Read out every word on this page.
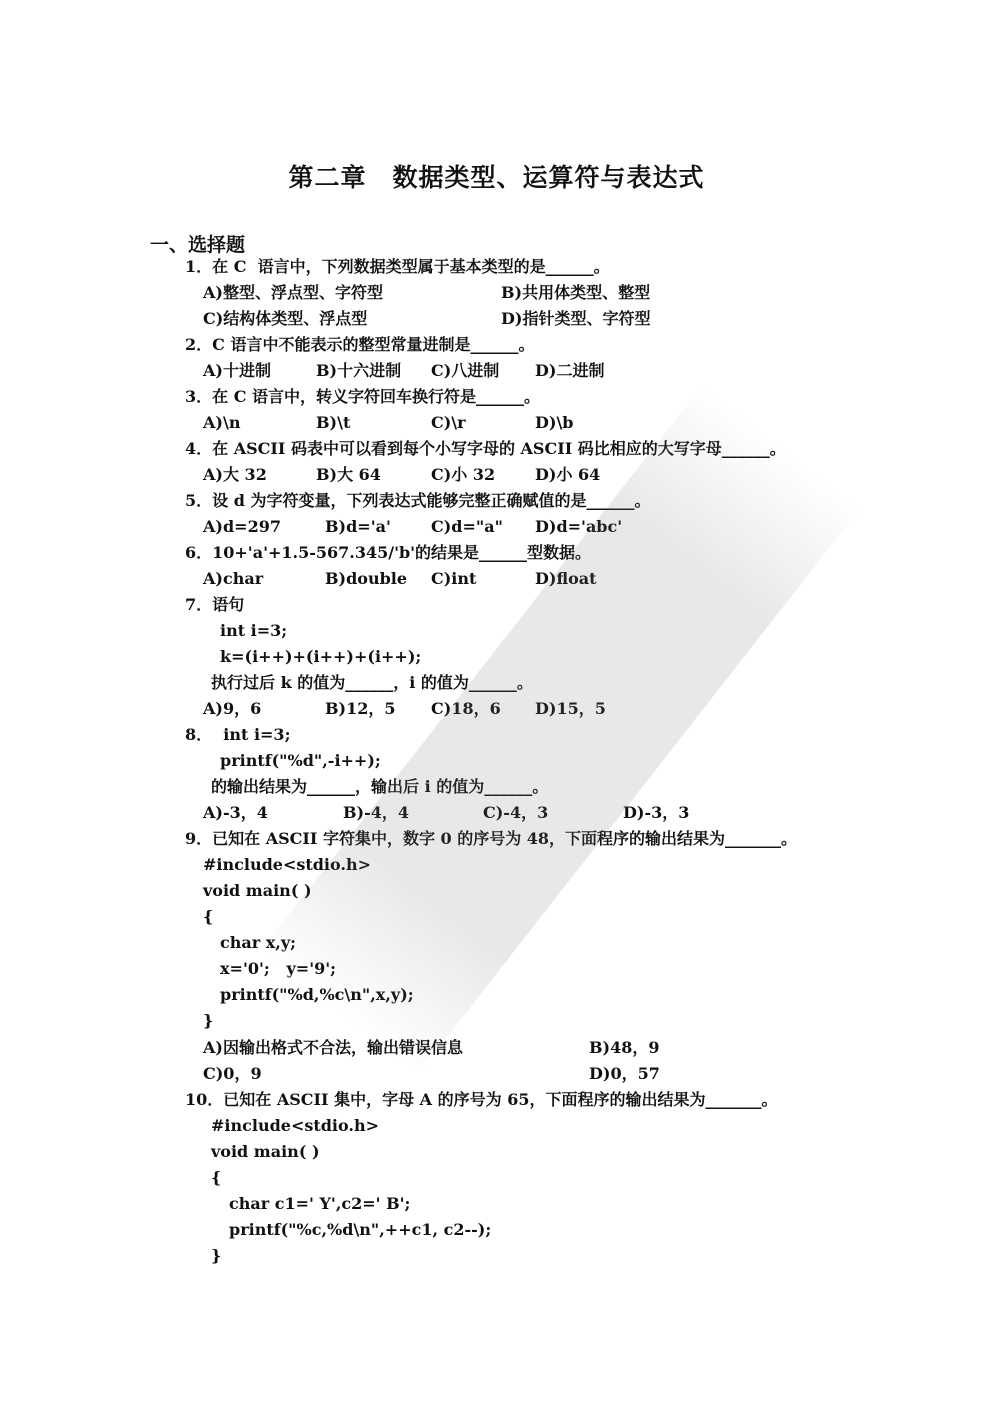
第二章　数据类型、运算符与表达式
一、选择题
1．在 C  语言中，下列数据类型属于基本类型的是______。
A)整型、浮点型、字符型	B)共用体类型、整型
C)结构体类型、浮点型	D)指针类型、字符型
2．C 语言中不能表示的整型常量进制是______。
A)十进制	B)十六进制 C)八进制 D)二进制
3．在 C 语言中，转义字符回车换行符是______。
A)\n	B)\t	C)\r	D)\b
4．在 ASCII 码表中可以看到每个小写字母的 ASCII 码比相应的大写字母______。
A)大 32	B)大 64	C)小 32 D)小 64
5．设 d 为字符变量，下列表达式能够完整正确赋值的是______。
A)d=297	B)d='a'	C)d="a" D)d='abc'
6．10+'a'+1.5-567.345/'b'的结果是______型数据。
A)char	B)double C)int	D)float
7．语句
int i=3;
k=(i++)+(i++)+(i++);
执行过后 k 的值为______，i 的值为______。
A)9，6	B)12，5 C)18，6 D)15，5
8．  int i=3;
printf("%d",-i++);
的输出结果为______，输出后 i 的值为______。
A)-3，4	B)-4，4	C)-4，3	D)-3，3
9．已知在 ASCII 字符集中，数字 0 的序号为 48，下面程序的输出结果为_______。
#include<stdio.h>
void main( )
{
char x,y;
x='0';   y='9';
printf("%d,%c\n",x,y);
}
A)因输出格式不合法，输出错误信息	B)48，9
C)0，9	D)0，57
10．已知在 ASCII 集中，字母 A 的序号为 65，下面程序的输出结果为_______。
#include<stdio.h>
void main( )
{
char c1=' Y',c2=' B';
printf("%c,%d\n",++c1, c2--);
}
